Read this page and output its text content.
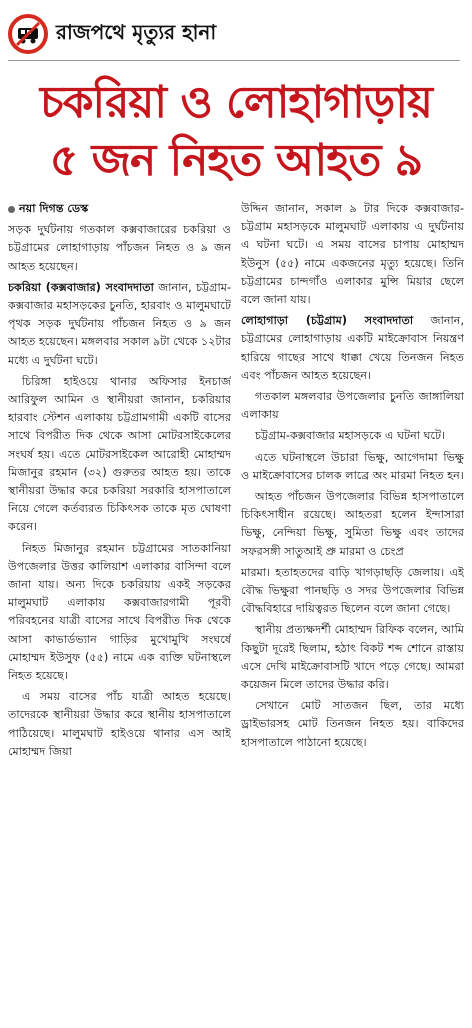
রাজপথে মৃত্যুর হানা
চকরিয়া ও লোহাগাড়ায়
৫ জন নিহত আহত ৯

নয়া দিগন্ত ডেস্ক

সড়ক দুর্ঘটনায় গতকাল কক্সবাজারের চকরিয়া ও চট্টগ্রামের লোহাগাড়ায় পাঁচজন নিহত ও ৯ জন আহত হয়েছেন।

চকরিয়া (কক্সবাজার) সংবাদদাতা জানান, চট্টগ্রাম-কক্সবাজার মহাসড়কের চুনতি, হারবাং ও মালুমঘাটে পৃথক সড়ক দুর্ঘটনায় পাঁচজন নিহত ও ৯ জন আহত হয়েছেন। মঙ্গলবার সকাল ৯টা থেকে ১২টার মধ্যে এ দুর্ঘটনা ঘটে।

চিরিঙ্গা হাইওয়ে থানার অফিসার ইনচার্জ আরিফুল আমিন ও স্থানীয়রা জানান, চকরিয়ার হারবাং স্টেশন এলাকায় চট্টগ্রামগামী একটি বাসের সাথে বিপরীত দিক থেকে আসা মোটরসাইকেলের সংঘর্ষ হয়। এতে মোটরসাইকেল আরোহী মোহাম্মদ মিজানুর রহমান (৩২) গুরুতর আহত হয়। তাকে স্থানীয়রা উদ্ধার করে চকরিয়া সরকারি হাসপাতালে নিয়ে গেলে কর্তব্যরত চিকিৎসক তাকে মৃত ঘোষণা করেন।

নিহত মিজানুর রহমান চট্টগ্রামের সাতকানিয়া উপজেলার উত্তর কালিয়াশ এলাকার বাসিন্দা বলে জানা যায়। অন্য দিকে চকরিয়ায় একই সড়কের মালুমঘাট এলাকায় কক্সবাজারগামী পূরবী পরিবহনের যাত্রী বাসের সাথে বিপরীত দিক থেকে আসা কাভার্ডভ্যান গাড়ির মুখোমুখি সংঘর্ষে মোহাম্মদ ইউসুফ (৫৫) নামে এক ব্যক্তি ঘটনাস্থলে নিহত হয়েছে।

এ সময় বাসের পাঁচ যাত্রী আহত হয়েছে। তাদেরকে স্থানীয়রা উদ্ধার করে স্থানীয় হাসপাতালে পাঠিয়েছে। মালুমঘাট হাইওয়ে থানার এস আই মোহাম্মদ জিয়া

উদ্দিন জানান, সকাল ৯ টার দিকে কক্সবাজার-চট্টগ্রাম মহাসড়কে মালুমঘাট এলাকায় এ দুর্ঘটনায় এ ঘটনা ঘটে। এ সময় বাসের চাপায় মোহাম্মদ ইউনুস (৫৫) নামে একজনের মৃত্যু হয়েছে। তিনি চট্টগ্রামের চান্দগাঁও এলাকার মুন্সি মিয়ার ছেলে বলে জানা যায়।

লোহাগাড়া (চট্টগ্রাম) সংবাদদাতা জানান, চট্টগ্রামের লোহাগাড়ায় একটি মাইক্রোবাস নিয়ন্ত্রণ হারিয়ে গাছের সাথে ধাক্কা খেয়ে তিনজন নিহত এবং পাঁচজন আহত হয়েছেন।

গতকাল মঙ্গলবার উপজেলার চুনতি জাঙ্গালিয়া এলাকায়

চট্টগ্রাম-কক্সবাজার মহাসড়কে এ ঘটনা ঘটে।

এতে ঘটনাস্থলে উচারা ভিক্ষু, আগেদামা ভিক্ষু ও মাইক্রোবাসের চালক লাব্রে অং মারমা নিহত হন।

আহত পাঁচজন উপজেলার বিভিন্ন হাসপাতালে চিকিৎসাধীন রয়েছে। আহতরা হলেন ইন্দাসারা ভিক্ষু, নেন্দিয়া ভিক্ষু, সুমিতা ভিক্ষু এবং তাদের সফরসঙ্গী সাতুআই প্রু মারমা ও চেংপ্র

মারমা। হতাহতদের বাড়ি খাগড়াছড়ি জেলায়। এই বৌদ্ধ ভিক্ষুরা পানছড়ি ও সদর উপজেলার বিভিন্ন বৌদ্ধবিহারে দায়িত্বরত ছিলেন বলে জানা গেছে।

স্থানীয় প্রত্যক্ষদর্শী মোহাম্মদ রিফিক বলেন, আমি কিছুটা দূরেই ছিলাম, হঠাৎ বিকট শব্দ শোনে রাস্তায় এসে দেখি মাইক্রোবাসটি খাদে পড়ে গেছে। আমরা কয়েজন মিলে তাদের উদ্ধার করি।

সেখানে মোট সাতজন ছিল, তার মধ্যে ড্রাইভারসহ মোট তিনজন নিহত হয়। বাকিদের হাসপাতালে পাঠানো হয়েছে।
